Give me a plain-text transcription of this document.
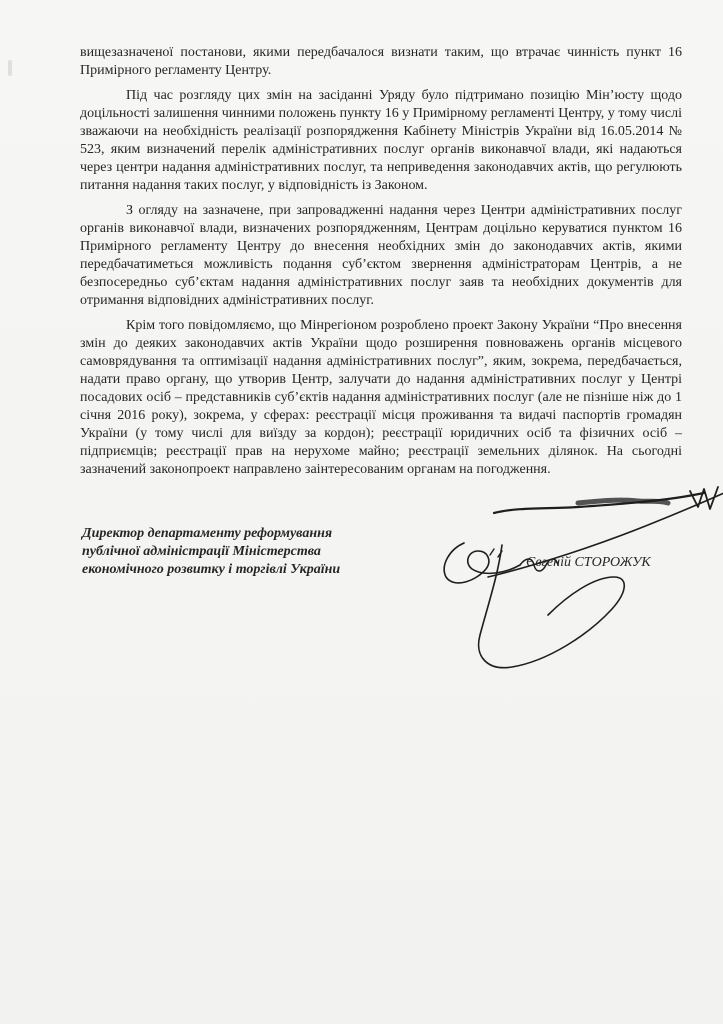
вищезазначеної постанови, якими передбачалося визнати таким, що втрачає чинність пункт 16 Примірного регламенту Центру.

Під час розгляду цих змін на засіданні Уряду було підтримано позицію Мін’юсту щодо доцільності залишення чинними положень пункту 16 у Примірному регламенті Центру, у тому числі зважаючи на необхідність реалізації розпорядження Кабінету Міністрів України від 16.05.2014 № 523, яким визначений перелік адміністративних послуг органів виконавчої влади, які надаються через центри надання адміністративних послуг, та неприведення законодавчих актів, що регулюють питання надання таких послуг, у відповідність із Законом.

З огляду на зазначене, при запровадженні надання через Центри адміністративних послуг органів виконавчої влади, визначених розпорядженням, Центрам доцільно керуватися пунктом 16 Примірного регламенту Центру до внесення необхідних змін до законодавчих актів, якими передбачатиметься можливість подання суб’єктом звернення адміністраторам Центрів, а не безпосередньо суб’єктам надання адміністративних послуг заяв та необхідних документів для отримання відповідних адміністративних послуг.

Крім того повідомляємо, що Мінрегіоном розроблено проект Закону України “Про внесення змін до деяких законодавчих актів України щодо розширення повноважень органів місцевого самоврядування та оптимізації надання адміністративних послуг”, яким, зокрема, передбачається, надати право органу, що утворив Центр, залучати до надання адміністративних послуг у Центрі посадових осіб – представників суб’єктів надання адміністративних послуг (але не пізніше ніж до 1 січня 2016 року), зокрема, у сферах: реєстрації місця проживання та видачі паспортів громадян України (у тому числі для виїзду за кордон); реєстрації юридичних осіб та фізичних осіб – підприємців; реєстрації прав на нерухоме майно; реєстрації земельних ділянок. На сьогодні зазначений законопроект направлено заінтересованим органам на погодження.

Директор департаменту реформування
публічної адміністрації Міністерства
економічного розвитку і торгівлі України	Євгеній СТОРОЖУК
